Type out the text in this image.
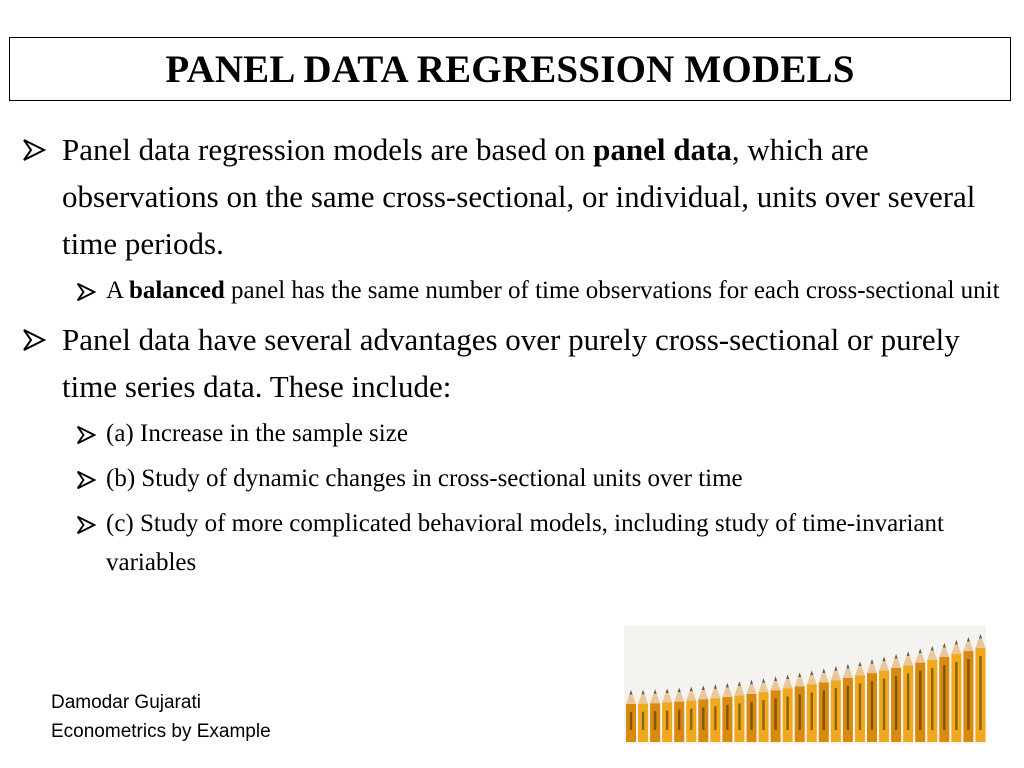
PANEL DATA REGRESSION MODELS
Panel data regression models are based on panel data, which are observations on the same cross-sectional, or individual, units over several time periods.
A balanced panel has the same number of time observations for each cross-sectional unit
Panel data have several advantages over purely cross-sectional or purely time series data. These include:
(a) Increase in the sample size
(b) Study of dynamic changes in cross-sectional units over time
(c) Study of more complicated behavioral models, including study of time-invariant variables
Damodar Gujarati
Econometrics by Example
